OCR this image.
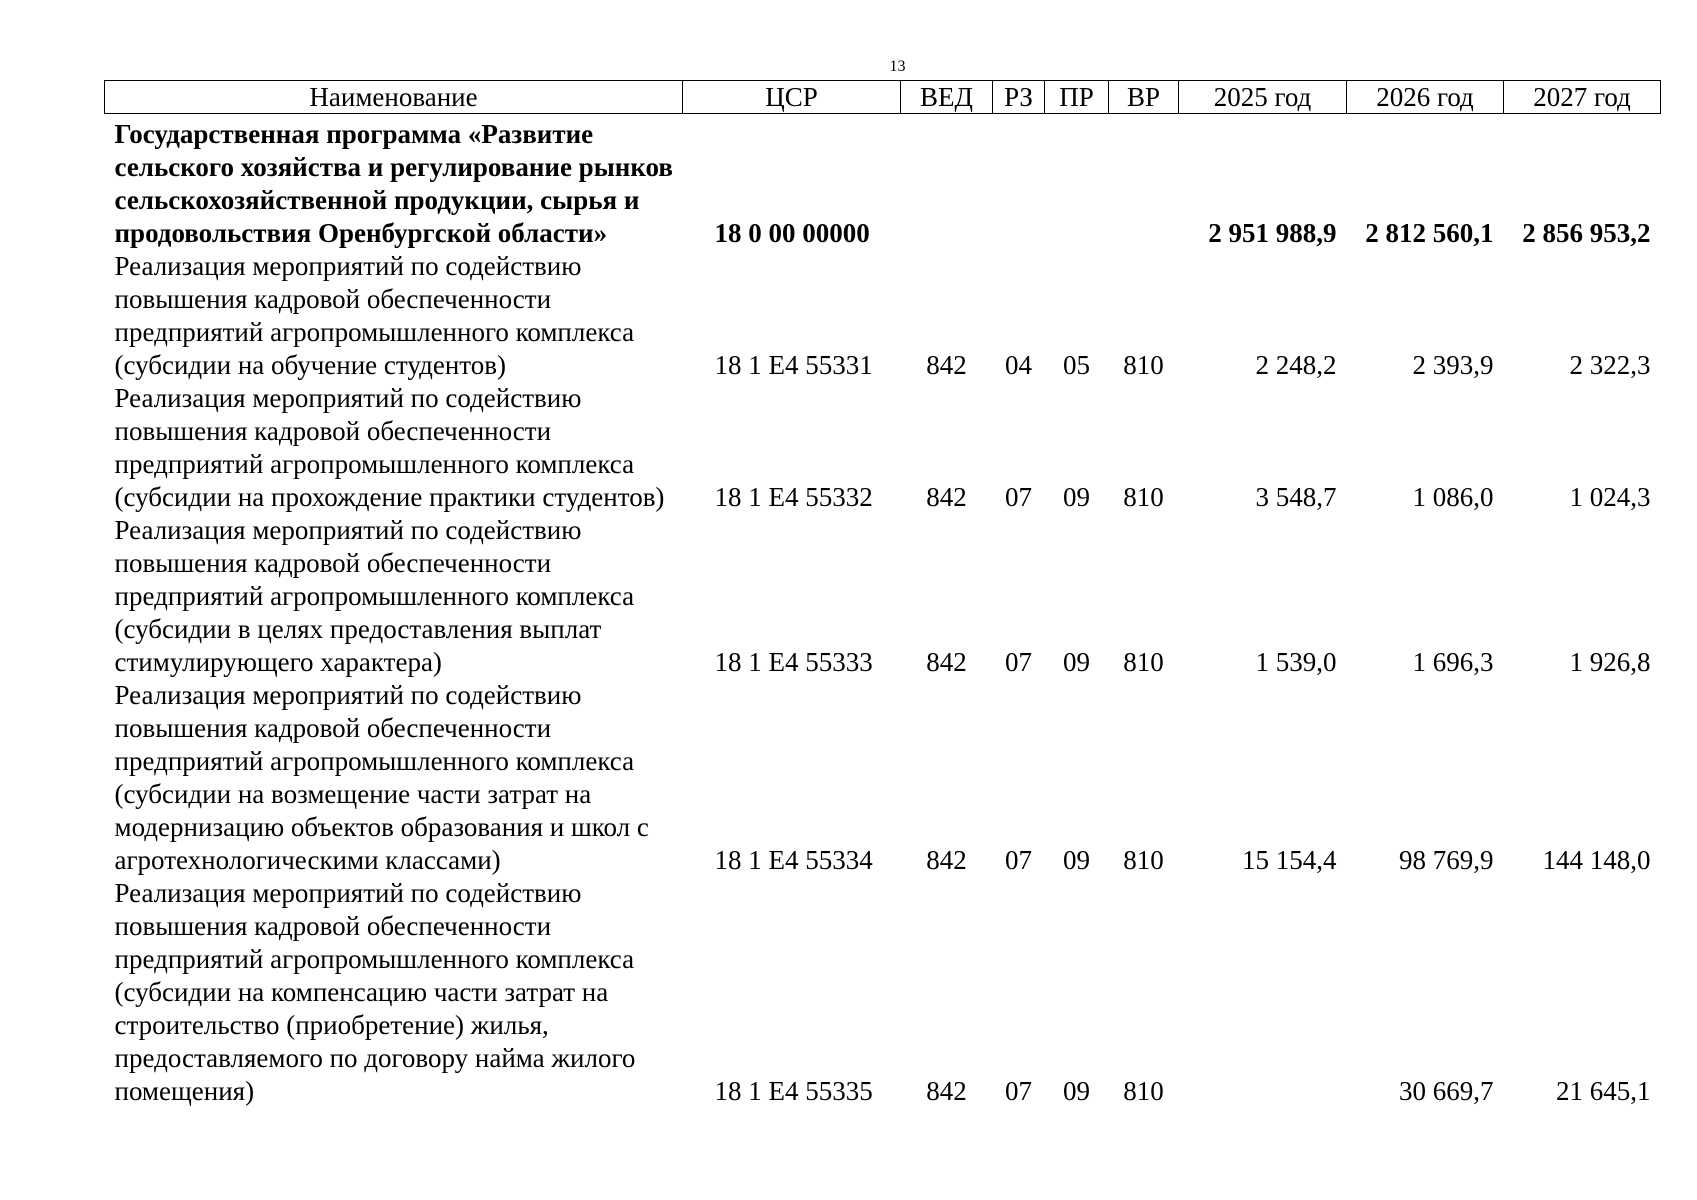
13
Наименование	ЦСР	ВЕД	РЗ	ПР	ВР	2025 год	2026 год	2027 год
Государственная программа «Развитие сельского хозяйства и регулирование рынков сельскохозяйственной продукции, сырья и продовольствия Оренбургской области»	18 0 00 00000					2 951 988,9	2 812 560,1	2 856 953,2
Реализация мероприятий по содействию повышения кадровой обеспеченности предприятий агропромышленного комплекса (субсидии на обучение студентов)	18 1 Е4 55331	842	04	05	810	2 248,2	2 393,9	2 322,3
Реализация мероприятий по содействию повышения кадровой обеспеченности предприятий агропромышленного комплекса (субсидии на прохождение практики студентов)	18 1 Е4 55332	842	07	09	810	3 548,7	1 086,0	1 024,3
Реализация мероприятий по содействию повышения кадровой обеспеченности предприятий агропромышленного комплекса (субсидии в целях предоставления выплат стимулирующего характера)	18 1 Е4 55333	842	07	09	810	1 539,0	1 696,3	1 926,8
Реализация мероприятий по содействию повышения кадровой обеспеченности предприятий агропромышленного комплекса (субсидии на возмещение части затрат на модернизацию объектов образования и школ с агротехнологическими классами)	18 1 Е4 55334	842	07	09	810	15 154,4	98 769,9	144 148,0
Реализация мероприятий по содействию повышения кадровой обеспеченности предприятий агропромышленного комплекса (субсидии на компенсацию части затрат на строительство (приобретение) жилья, предоставляемого по договору найма жилого помещения)	18 1 Е4 55335	842	07	09	810		30 669,7	21 645,1
